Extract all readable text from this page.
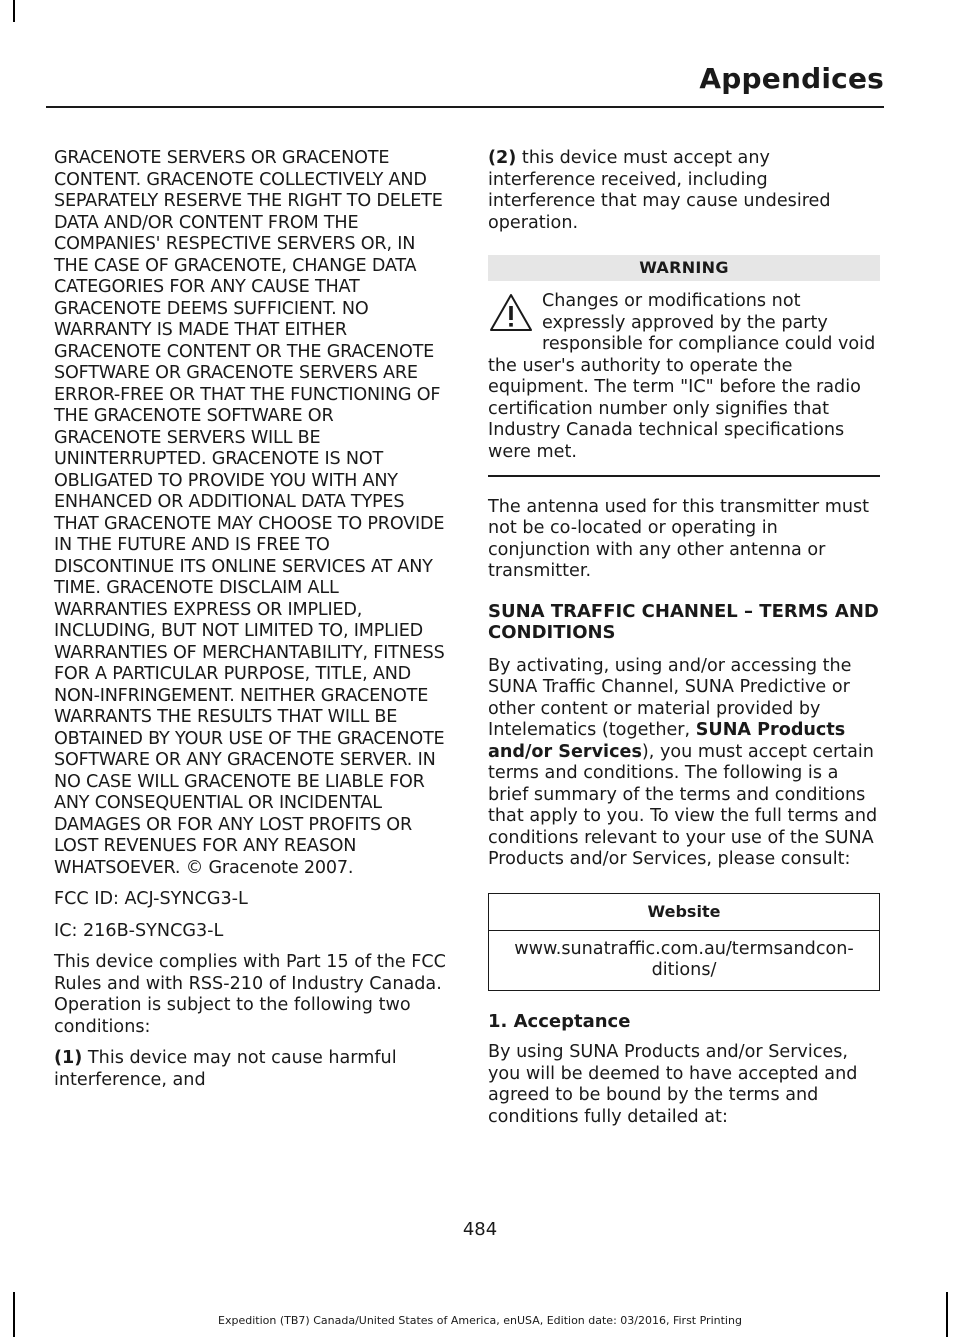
Appendices

GRACENOTE SERVERS OR GRACENOTE CONTENT. GRACENOTE COLLECTIVELY AND SEPARATELY RESERVE THE RIGHT TO DELETE DATA AND/OR CONTENT FROM THE COMPANIES' RESPECTIVE SERVERS OR, IN THE CASE OF GRACENOTE, CHANGE DATA CATEGORIES FOR ANY CAUSE THAT GRACENOTE DEEMS SUFFICIENT. NO WARRANTY IS MADE THAT EITHER GRACENOTE CONTENT OR THE GRACENOTE SOFTWARE OR GRACENOTE SERVERS ARE ERROR-FREE OR THAT THE FUNCTIONING OF THE GRACENOTE SOFTWARE OR GRACENOTE SERVERS WILL BE UNINTERRUPTED. GRACENOTE IS NOT OBLIGATED TO PROVIDE YOU WITH ANY ENHANCED OR ADDITIONAL DATA TYPES THAT GRACENOTE MAY CHOOSE TO PROVIDE IN THE FUTURE AND IS FREE TO DISCONTINUE ITS ONLINE SERVICES AT ANY TIME. GRACENOTE DISCLAIM ALL WARRANTIES EXPRESS OR IMPLIED, INCLUDING, BUT NOT LIMITED TO, IMPLIED WARRANTIES OF MERCHANTABILITY, FITNESS FOR A PARTICULAR PURPOSE, TITLE, AND NON-INFRINGEMENT. NEITHER GRACENOTE WARRANTS THE RESULTS THAT WILL BE OBTAINED BY YOUR USE OF THE GRACENOTE SOFTWARE OR ANY GRACENOTE SERVER. IN NO CASE WILL GRACENOTE BE LIABLE FOR ANY CONSEQUENTIAL OR INCIDENTAL DAMAGES OR FOR ANY LOST PROFITS OR LOST REVENUES FOR ANY REASON WHATSOEVER. © Gracenote 2007.

FCC ID: ACJ-SYNCG3-L

IC: 216B-SYNCG3-L

This device complies with Part 15 of the FCC Rules and with RSS-210 of Industry Canada. Operation is subject to the following two conditions:

(1) This device may not cause harmful interference, and

(2) this device must accept any interference received, including interference that may cause undesired operation.

WARNING
Changes or modifications not expressly approved by the party responsible for compliance could void the user's authority to operate the equipment. The term "IC" before the radio certification number only signifies that Industry Canada technical specifications were met.

The antenna used for this transmitter must not be co-located or operating in conjunction with any other antenna or transmitter.

SUNA TRAFFIC CHANNEL – TERMS AND CONDITIONS

By activating, using and/or accessing the SUNA Traffic Channel, SUNA Predictive or other content or material provided by Intelematics (together, SUNA Products and/or Services), you must accept certain terms and conditions. The following is a brief summary of the terms and conditions that apply to you. To view the full terms and conditions relevant to your use of the SUNA Products and/or Services, please consult:

Website
www.sunatraffic.com.au/termsandcon-ditions/
1. Acceptance

By using SUNA Products and/or Services, you will be deemed to have accepted and agreed to be bound by the terms and conditions fully detailed at:

484
Expedition (TB7) Canada/United States of America, enUSA, Edition date: 03/2016, First Printing
